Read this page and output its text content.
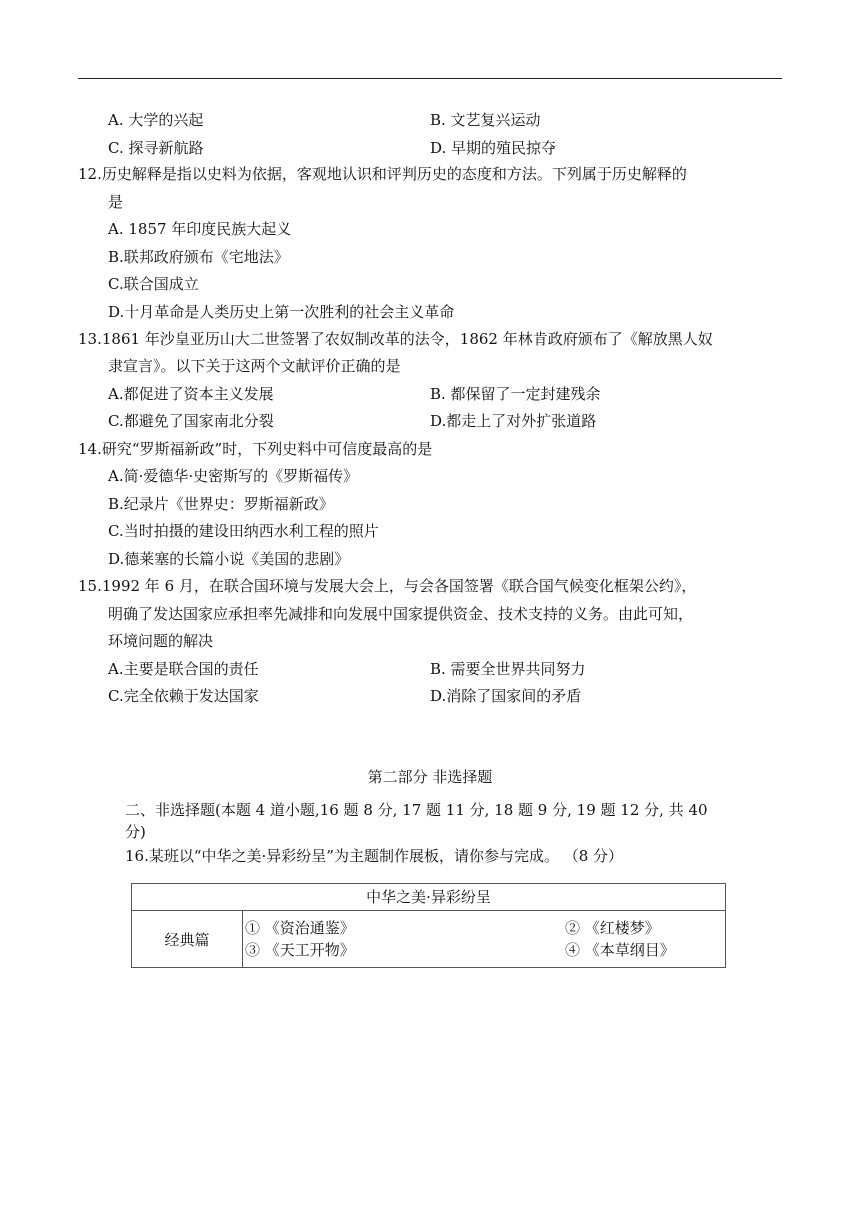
A. 大学的兴起	B. 文艺复兴运动
C. 探寻新航路	D. 早期的殖民掠夺
12.历史解释是指以史料为依据，客观地认识和评判历史的态度和方法。下列属于历史解释的
是
A. 1857 年印度民族大起义
B.联邦政府颁布《宅地法》
C.联合国成立
D.十月革命是人类历史上第一次胜利的社会主义革命
13.1861 年沙皇亚历山大二世签署了农奴制改革的法令，1862 年林肯政府颁布了《解放黑人奴
隶宣言》。以下关于这两个文献评价正确的是
A.都促进了资本主义发展	B. 都保留了一定封建残余
C.都避免了国家南北分裂	D.都走上了对外扩张道路
14.研究“罗斯福新政”时，下列史料中可信度最高的是
A.简·爱德华·史密斯写的《罗斯福传》
B.纪录片《世界史：罗斯福新政》
C.当时拍摄的建设田纳西水利工程的照片
D.德莱塞的长篇小说《美国的悲剧》
15.1992 年 6 月，在联合国环境与发展大会上，与会各国签署《联合国气候变化框架公约》，
明确了发达国家应承担率先减排和向发展中国家提供资金、技术支持的义务。由此可知，
环境问题的解决
A.主要是联合国的责任	B. 需要全世界共同努力
C.完全依赖于发达国家	D.消除了国家间的矛盾
第二部分 非选择题
二、非选择题(本题 4 道小题,16 题 8 分, 17 题 11 分, 18 题 9 分, 19 题 12 分, 共 40
分)
16.某班以“中华之美·异彩纷呈”为主题制作展板，请你参与完成。 （8 分）
中华之美·异彩纷呈
经典篇	
① 《资治通鉴》	② 《红楼梦》
③ 《天工开物》	④ 《本草纲目》
